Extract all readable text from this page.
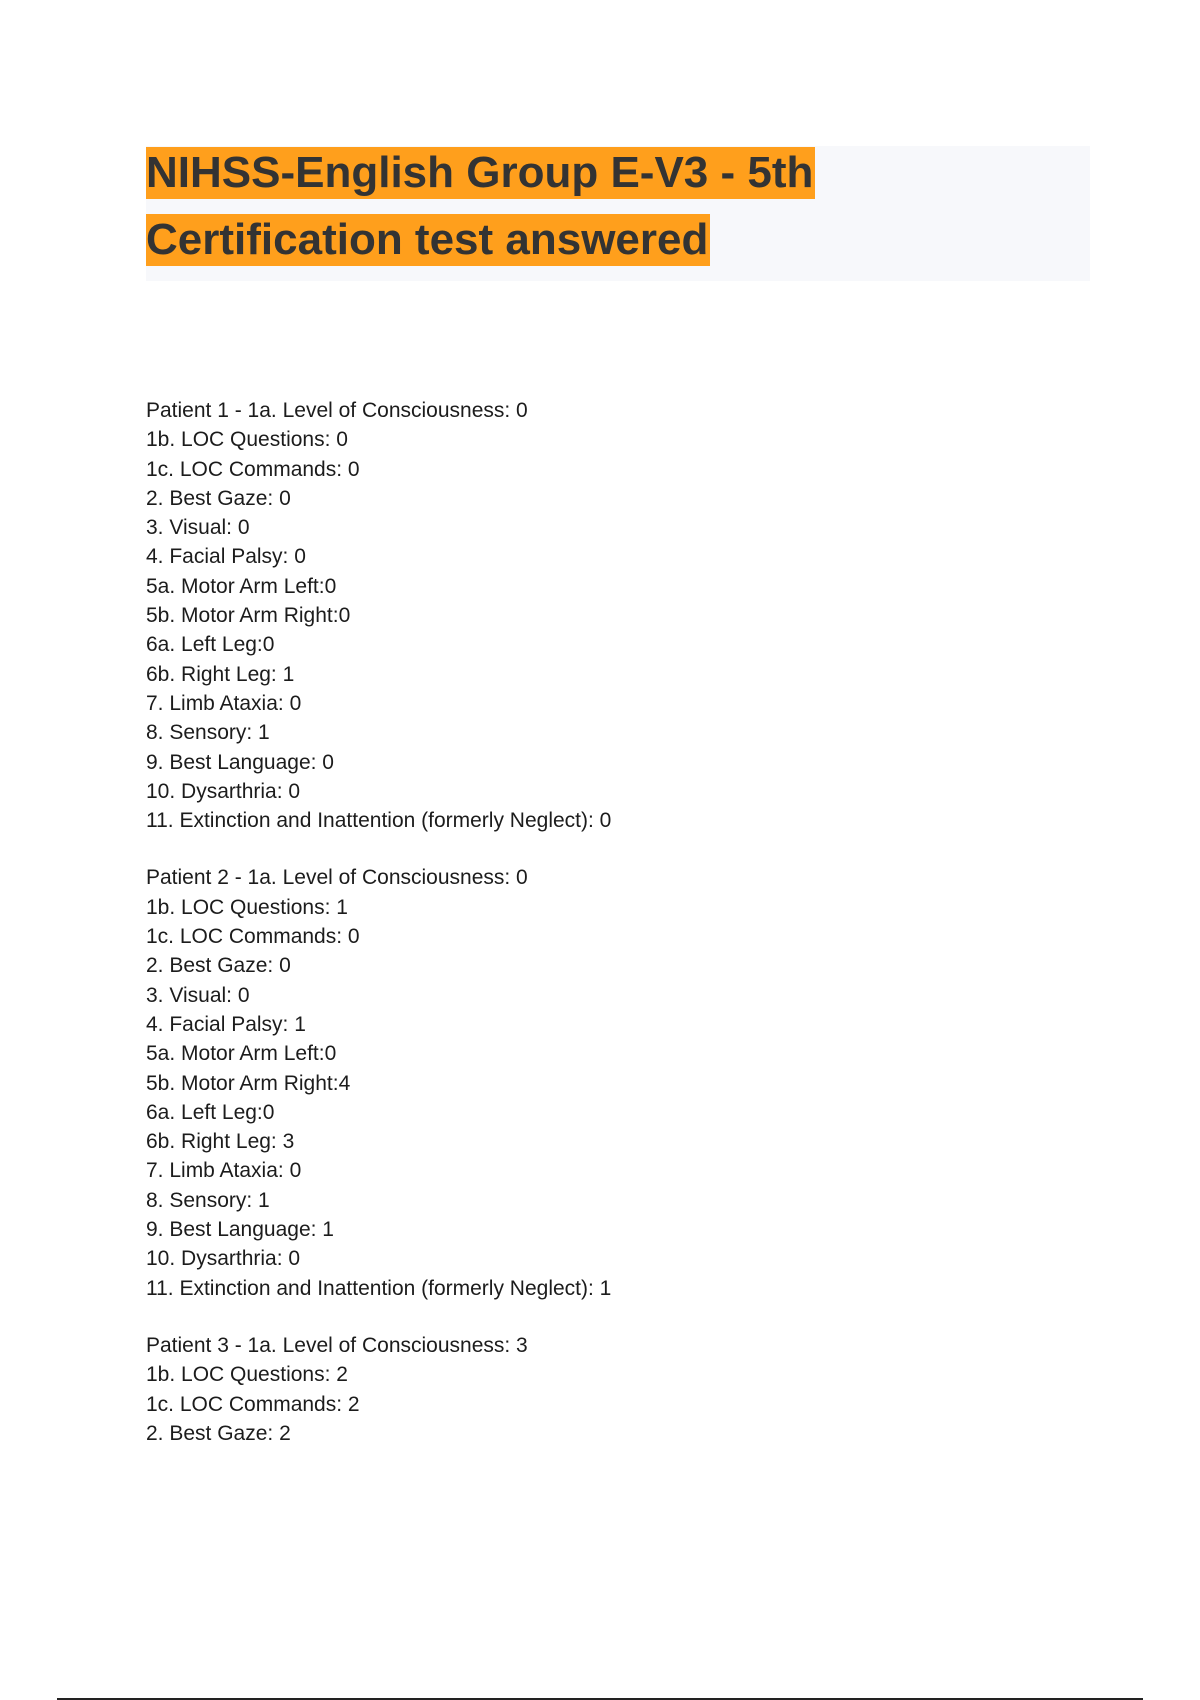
NIHSS-English Group E-V3 - 5th
Certification test answered
Patient 1 - 1a. Level of Consciousness: 0
1b. LOC Questions: 0
1c. LOC Commands: 0
2. Best Gaze: 0
3. Visual: 0
4. Facial Palsy: 0
5a. Motor Arm Left:0
5b. Motor Arm Right:0
6a. Left Leg:0
6b. Right Leg: 1
7. Limb Ataxia: 0
8. Sensory: 1
9. Best Language: 0
10. Dysarthria: 0
11. Extinction and Inattention (formerly Neglect): 0
Patient 2 - 1a. Level of Consciousness: 0
1b. LOC Questions: 1
1c. LOC Commands: 0
2. Best Gaze: 0
3. Visual: 0
4. Facial Palsy: 1
5a. Motor Arm Left:0
5b. Motor Arm Right:4
6a. Left Leg:0
6b. Right Leg: 3
7. Limb Ataxia: 0
8. Sensory: 1
9. Best Language: 1
10. Dysarthria: 0
11. Extinction and Inattention (formerly Neglect): 1
Patient 3 - 1a. Level of Consciousness: 3
1b. LOC Questions: 2
1c. LOC Commands: 2
2. Best Gaze: 2
